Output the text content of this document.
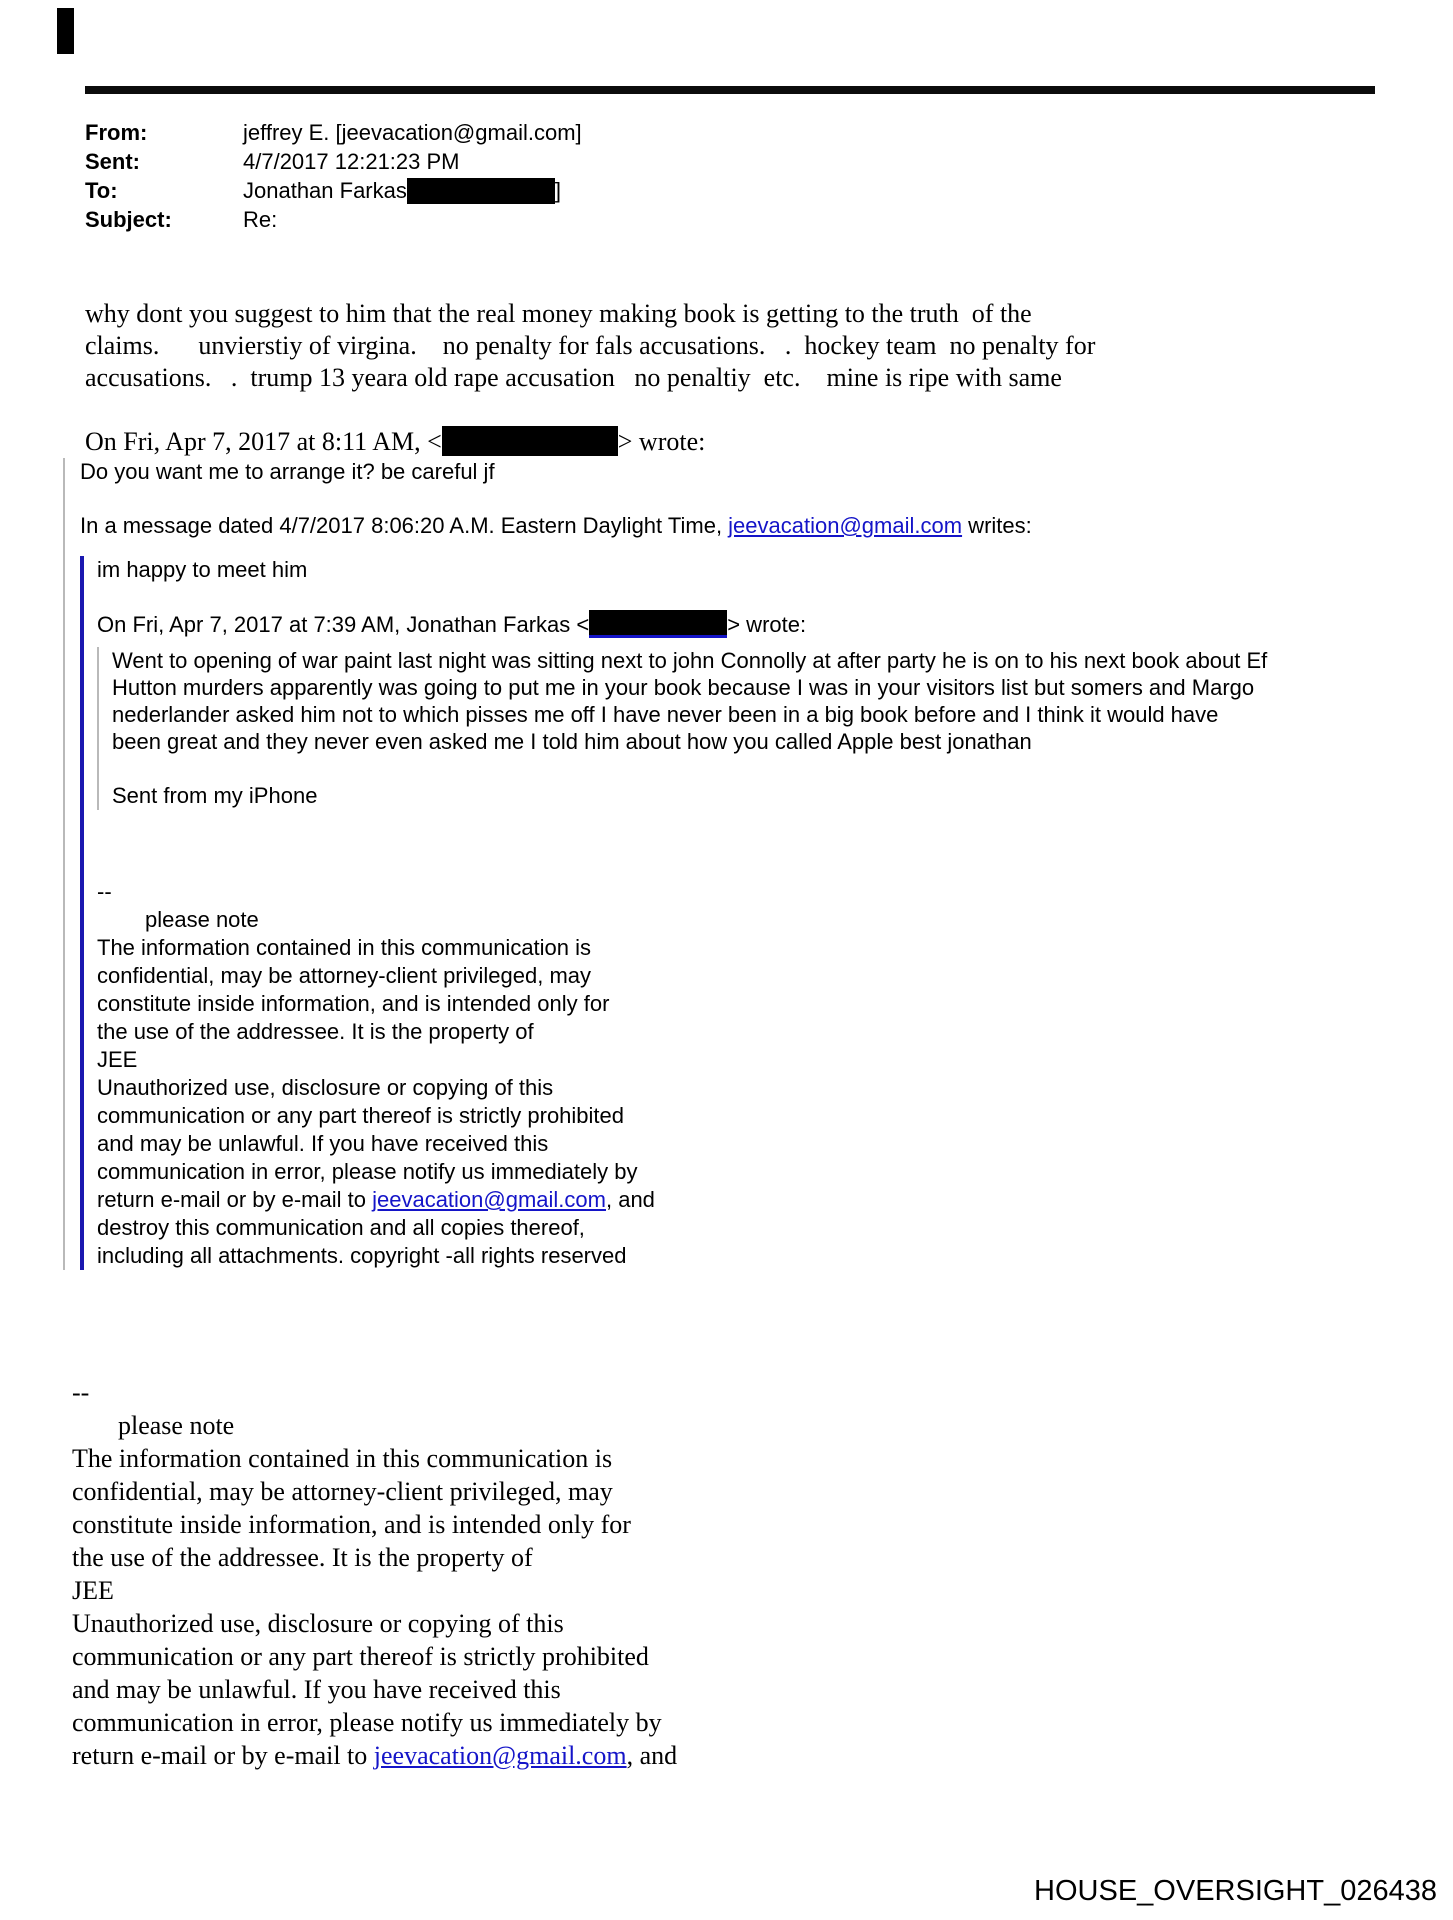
From:	jeffrey E. [jeevacation@gmail.com]
Sent:	4/7/2017 12:21:23 PM
To:	Jonathan Farkas	]
Subject:	Re:
why dont you suggest to him that the real money making book is getting to the truth  of the
claims.      unvierstiy of virgina.    no penalty for fals accusations.   .  hockey team  no penalty for
accusations.   .  trump 13 yeara old rape accusation   no penaltiy  etc.    mine is ripe with same
On Fri, Apr 7, 2017 at 8:11 AM, <	> wrote:
Do you want me to arrange it? be careful jf
In a message dated 4/7/2017 8:06:20 A.M. Eastern Daylight Time, jeevacation@gmail.com writes:
im happy to meet him
On Fri, Apr 7, 2017 at 7:39 AM, Jonathan Farkas <	> wrote:
Went to opening of war paint last night was sitting next to john Connolly at after party he is on to his next book about Ef
Hutton murders apparently was going to put me in your book because I was in your visitors list but somers and Margo
nederlander asked him not to which pisses me off I have never been in a big book before and I think it would have
been great and they never even asked me I told him about how you called Apple best jonathan
Sent from my iPhone
--
please note
The information contained in this communication is
confidential, may be attorney-client privileged, may
constitute inside information, and is intended only for
the use of the addressee. It is the property of
JEE
Unauthorized use, disclosure or copying of this
communication or any part thereof is strictly prohibited
and may be unlawful. If you have received this
communication in error, please notify us immediately by
return e-mail or by e-mail to jeevacation@gmail.com, and
destroy this communication and all copies thereof,
including all attachments. copyright -all rights reserved
--
please note
The information contained in this communication is
confidential, may be attorney-client privileged, may
constitute inside information, and is intended only for
the use of the addressee. It is the property of
JEE
Unauthorized use, disclosure or copying of this
communication or any part thereof is strictly prohibited
and may be unlawful. If you have received this
communication in error, please notify us immediately by
return e-mail or by e-mail to jeevacation@gmail.com, and
HOUSE_OVERSIGHT_026438
